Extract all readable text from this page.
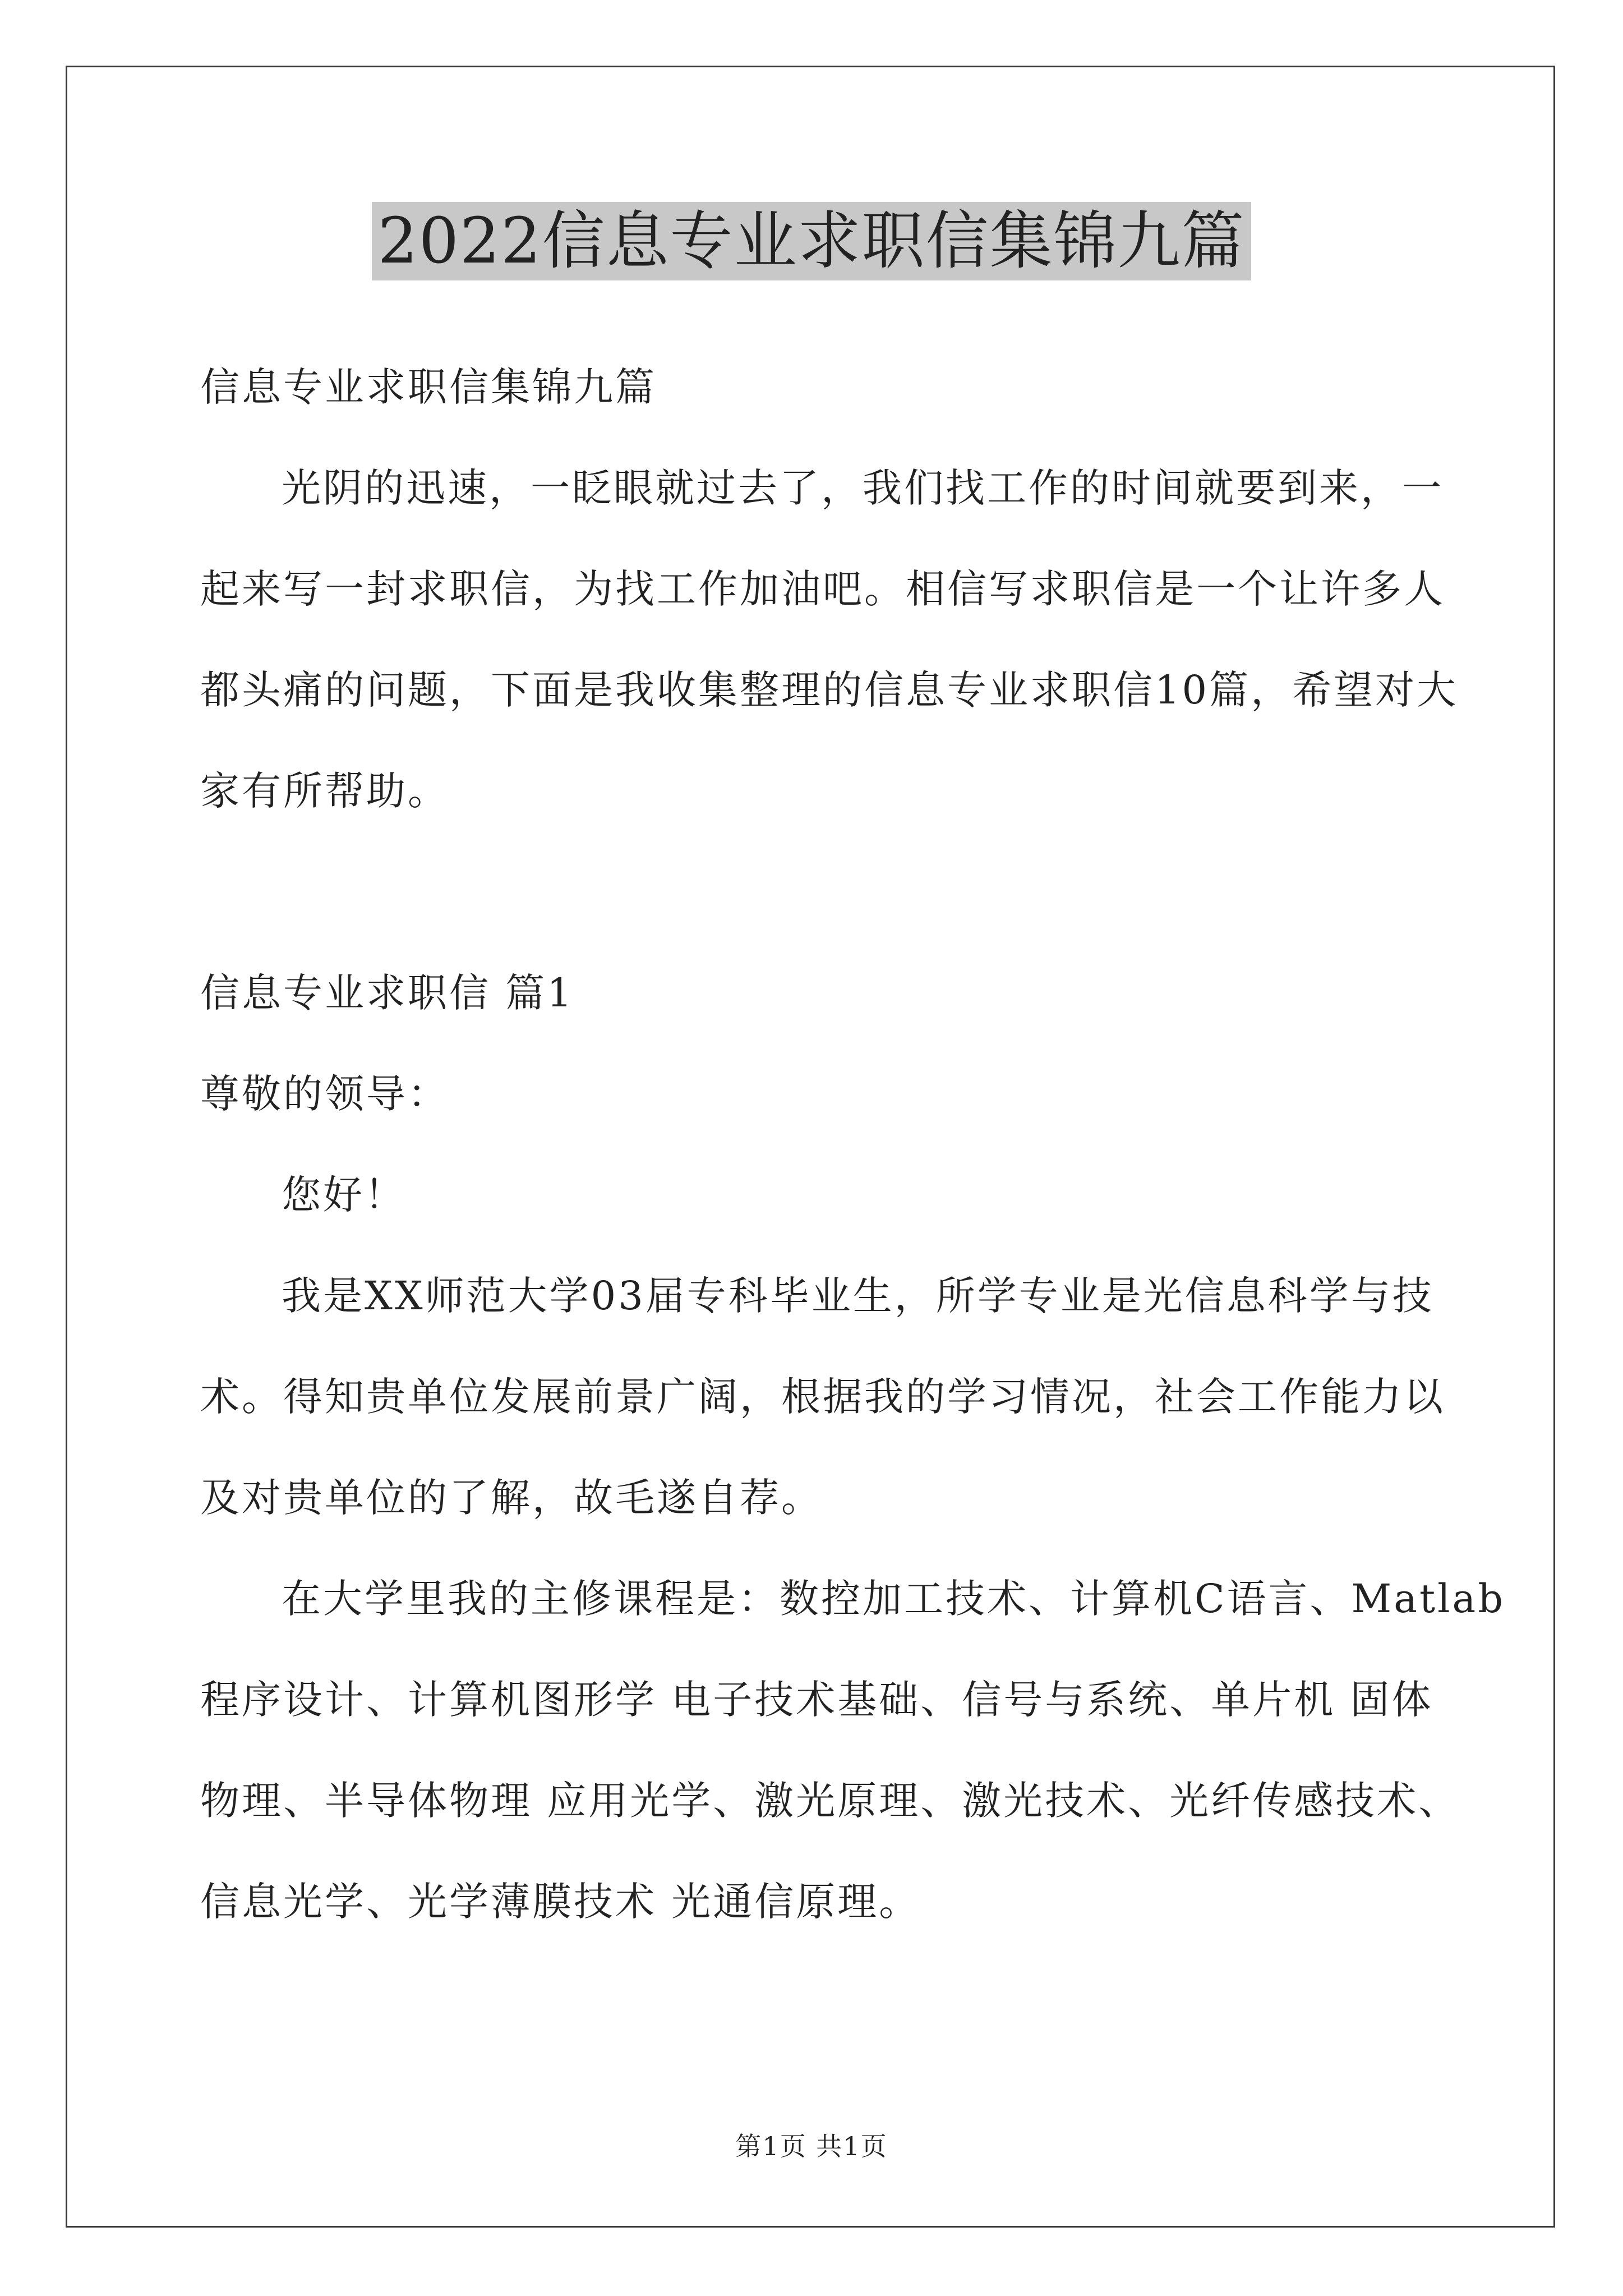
2022信息专业求职信集锦九篇
信息专业求职信集锦九篇
光阴的迅速，一眨眼就过去了，我们找工作的时间就要到来，一
起来写一封求职信，为找工作加油吧。相信写求职信是一个让许多人
都头痛的问题，下面是我收集整理的信息专业求职信10篇，希望对大
家有所帮助。
信息专业求职信 篇1
尊敬的领导：
您好！
我是XX师范大学03届专科毕业生，所学专业是光信息科学与技
术。得知贵单位发展前景广阔，根据我的学习情况，社会工作能力以
及对贵单位的了解，故毛遂自荐。
在大学里我的主修课程是：数控加工技术、计算机C语言、Matlab
程序设计、计算机图形学 电子技术基础、信号与系统、单片机 固体
物理、半导体物理 应用光学、激光原理、激光技术、光纤传感技术、
信息光学、光学薄膜技术 光通信原理。
第1页 共1页
